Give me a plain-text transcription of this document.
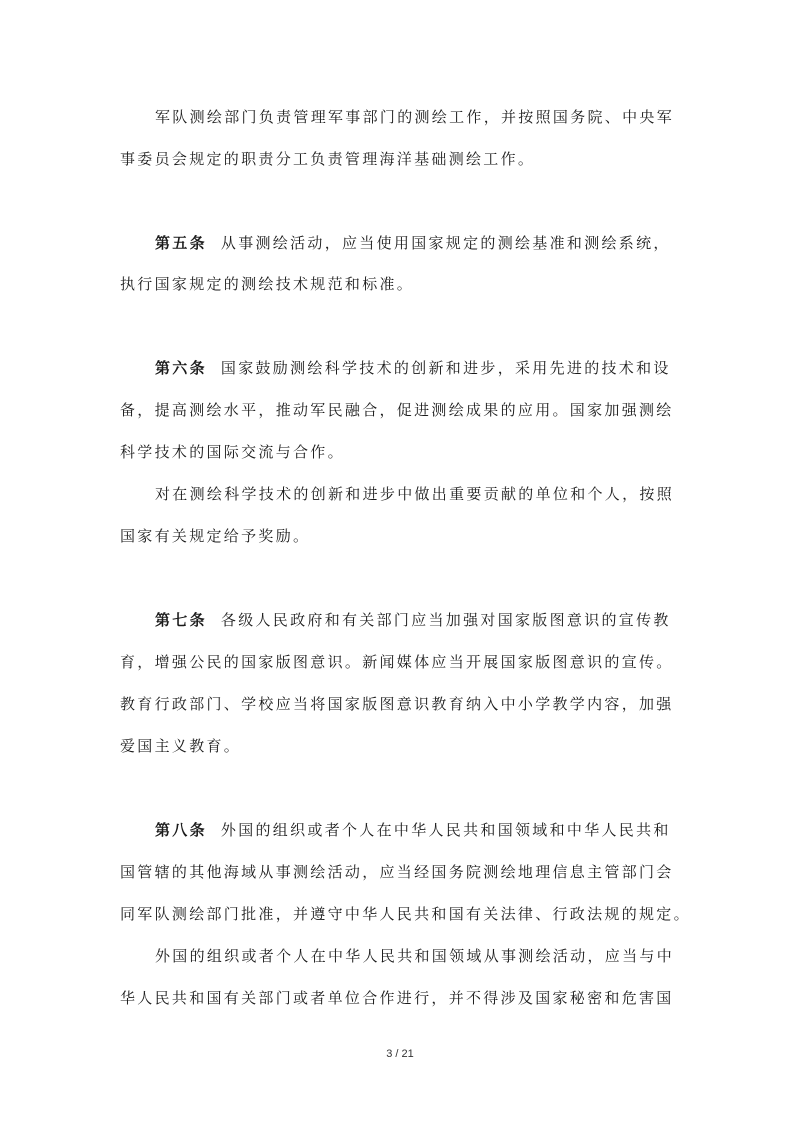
军队测绘部门负责管理军事部门的测绘工作，并按照国务院、中央军
事委员会规定的职责分工负责管理海洋基础测绘工作。
第五条 从事测绘活动，应当使用国家规定的测绘基准和测绘系统，
执行国家规定的测绘技术规范和标准。
第六条 国家鼓励测绘科学技术的创新和进步，采用先进的技术和设
备，提高测绘水平，推动军民融合，促进测绘成果的应用。国家加强测绘
科学技术的国际交流与合作。
对在测绘科学技术的创新和进步中做出重要贡献的单位和个人，按照
国家有关规定给予奖励。
第七条 各级人民政府和有关部门应当加强对国家版图意识的宣传教
育，增强公民的国家版图意识。新闻媒体应当开展国家版图意识的宣传。
教育行政部门、学校应当将国家版图意识教育纳入中小学教学内容，加强
爱国主义教育。
第八条 外国的组织或者个人在中华人民共和国领域和中华人民共和
国管辖的其他海域从事测绘活动，应当经国务院测绘地理信息主管部门会
同军队测绘部门批准，并遵守中华人民共和国有关法律、行政法规的规定。
外国的组织或者个人在中华人民共和国领域从事测绘活动，应当与中
华人民共和国有关部门或者单位合作进行，并不得涉及国家秘密和危害国
3 / 21
